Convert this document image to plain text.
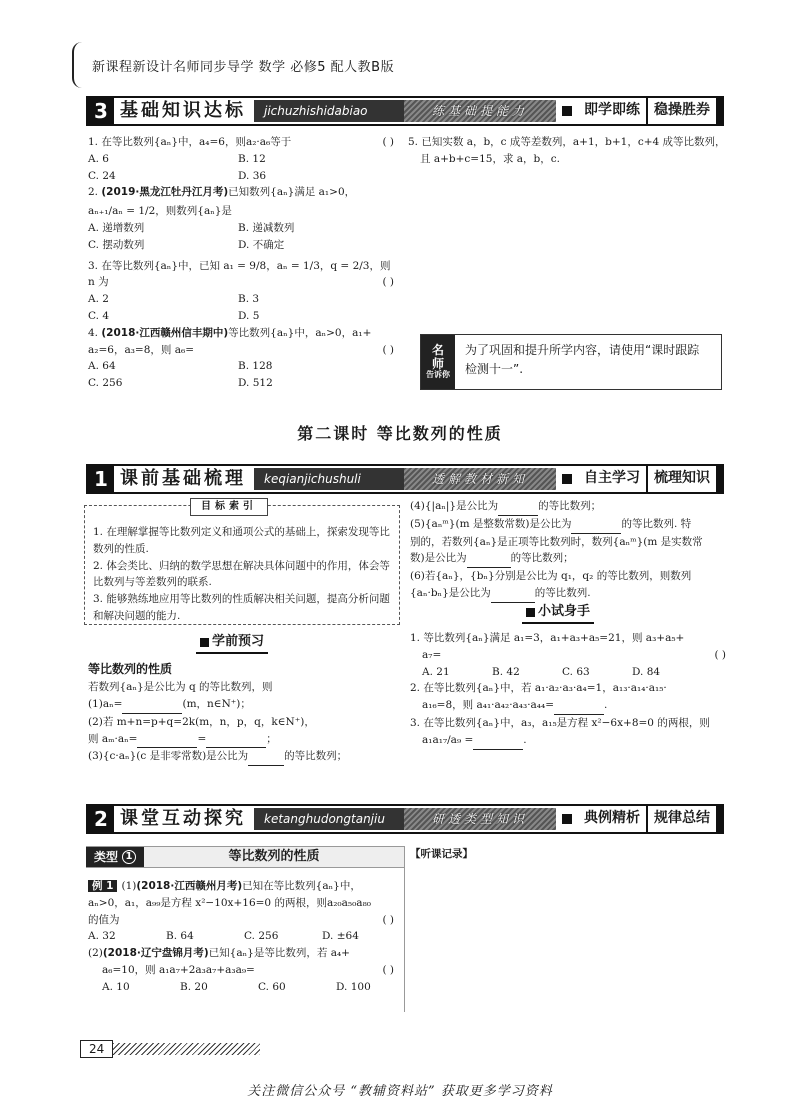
新课程新设计名师同步导学 数学 必修5 配人教B版
3 基础知识达标	jichuzhishidabiao	练基础提能力	即学即练	稳操胜券
1. 在等比数列{aₙ}中，a₄=6，则a₂·a₆等于	( )
A. 6	B. 12
C. 24	D. 36
2. (2019·黑龙江牡丹江月考)已知数列{aₙ}满足 a₁>0，
aₙ₊₁/aₙ = 1/2，则数列{aₙ}是
A. 递增数列	B. 递减数列
C. 摆动数列	D. 不确定
3. 在等比数列{aₙ}中，已知 a₁ = 9/8，aₙ = 1/3，q = 2/3，则
n 为	( )
A. 2	B. 3
C. 4	D. 5
4. (2018·江西赣州信丰期中)等比数列{aₙ}中，aₙ>0，a₁+
a₂=6，a₃=8，则 a₆=	( )
A. 64	B. 128
C. 256	D. 512
5. 已知实数 a，b，c 成等差数列，a+1，b+1，c+4 成等比数列，
且 a+b+c=15，求 a，b，c.
名
师
告诉你
为了巩固和提升所学内容，请使用“课时跟踪检测十一”.
第二课时 等比数列的性质
1 课前基础梳理	keqianjichushuli	透解教材新知	自主学习	梳理知识
1. 在理解掌握等比数列定义和通项公式的基础上，探索发现等比数列的性质.
2. 体会类比、归纳的数学思想在解决具体问题中的作用，体会等比数列与等差数列的联系.
3. 能够熟练地应用等比数列的性质解决相关问题，提高分析问题和解决问题的能力.
目标索引
学前预习
等比数列的性质
若数列{aₙ}是公比为 q 的等比数列，则
(1)aₙ=	(m，n∈N⁺)；
(2)若 m+n=p+q=2k(m，n，p，q，k∈N⁺)，
则 aₘ·aₙ=	=	；
(3){c·aₙ}(c 是非零常数)是公比为	的等比数列；
(4){|aₙ|}是公比为	的等比数列；
(5){aₙᵐ}(m 是整数常数)是公比为	的等比数列. 特
别的，若数列{aₙ}是正项等比数列时，数列{aₙᵐ}(m 是实数常
数)是公比为	的等比数列；
(6)若{aₙ}，{bₙ}分别是公比为 q₁，q₂ 的等比数列，则数列
{aₙ·bₙ}是公比为	的等比数列.
小试身手
1. 等比数列{aₙ}满足 a₁=3，a₁+a₃+a₅=21，则 a₃+a₅+
a₇=	( )
A. 21	B. 42	C. 63	D. 84
2. 在等比数列{aₙ}中，若 a₁·a₂·a₃·a₄=1，a₁₃·a₁₄·a₁₅·
a₁₆=8，则 a₄₁·a₄₂·a₄₃·a₄₄=	.
3. 在等比数列{aₙ}中，a₃，a₁₅是方程 x²−6x+8=0 的两根，则
a₁a₁₇/a₉ =	.
2 课堂互动探究	ketanghudongtanjiu	研透类型知识	典例精析	规律总结
类型 1	等比数列的性质	【听课记录】
例 1 (1)(2018·江西赣州月考)已知在等比数列{aₙ}中，
aₙ>0，a₁，a₉₉是方程 x²−10x+16=0 的两根，则a₂₀a₅₀a₈₀
的值为	( )
A. 32	B. 64	C. 256	D. ±64
(2)(2018·辽宁盘锦月考)已知{aₙ}是等比数列，若 a₄+
a₆=10，则 a₁a₇+2a₃a₇+a₃a₉=	( )
A. 10	B. 20	C. 60	D. 100
24
关注微信公众号 “教辅资料站” 获取更多学习资料
